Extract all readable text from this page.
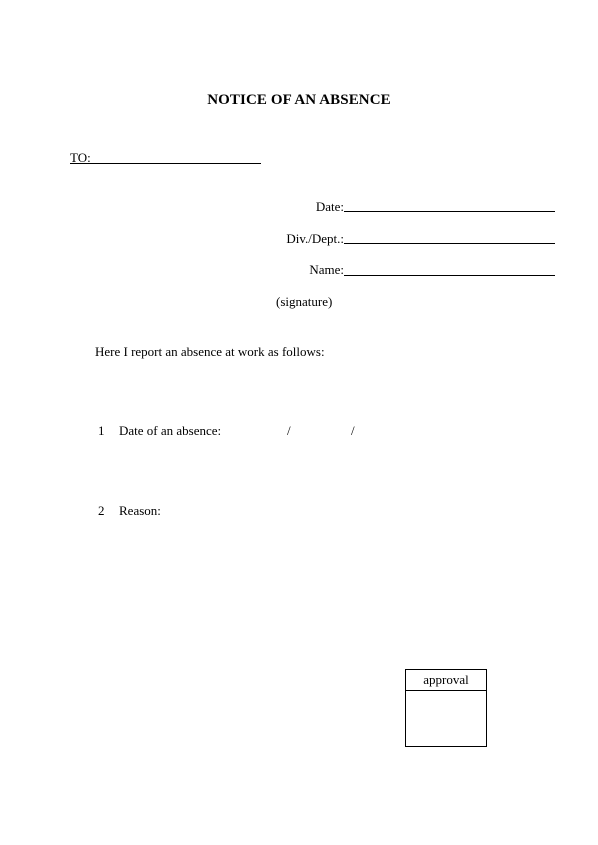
NOTICE OF AN ABSENCE
TO:
Date:
Div./Dept.:
Name:
(signature)
Here I report an absence at work as follows:
1 Date of an absence:	/	/
2 Reason:
approval
